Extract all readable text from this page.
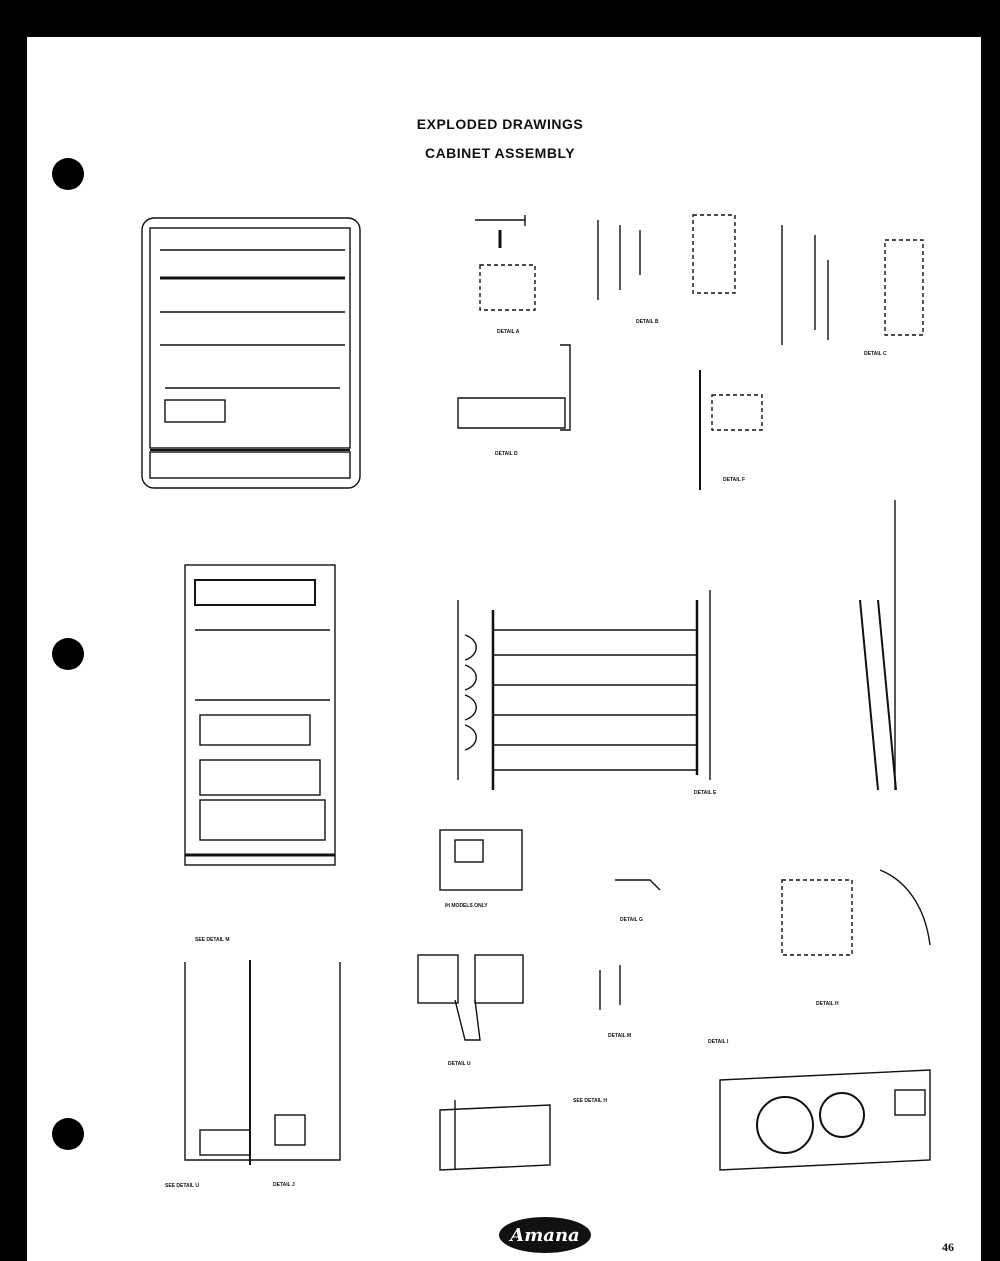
EXPLODED DRAWINGS
CABINET ASSEMBLY
DETAIL A
DETAIL B
DETAIL C
DETAIL D
DETAIL F
DETAIL E
DETAIL G
DETAIL H
DETAIL M
DETAIL U
DETAIL I
DETAIL J
IH MODELS ONLY
SEE DETAIL M
SEE DETAIL H
SEE DETAIL U
Amana
46
